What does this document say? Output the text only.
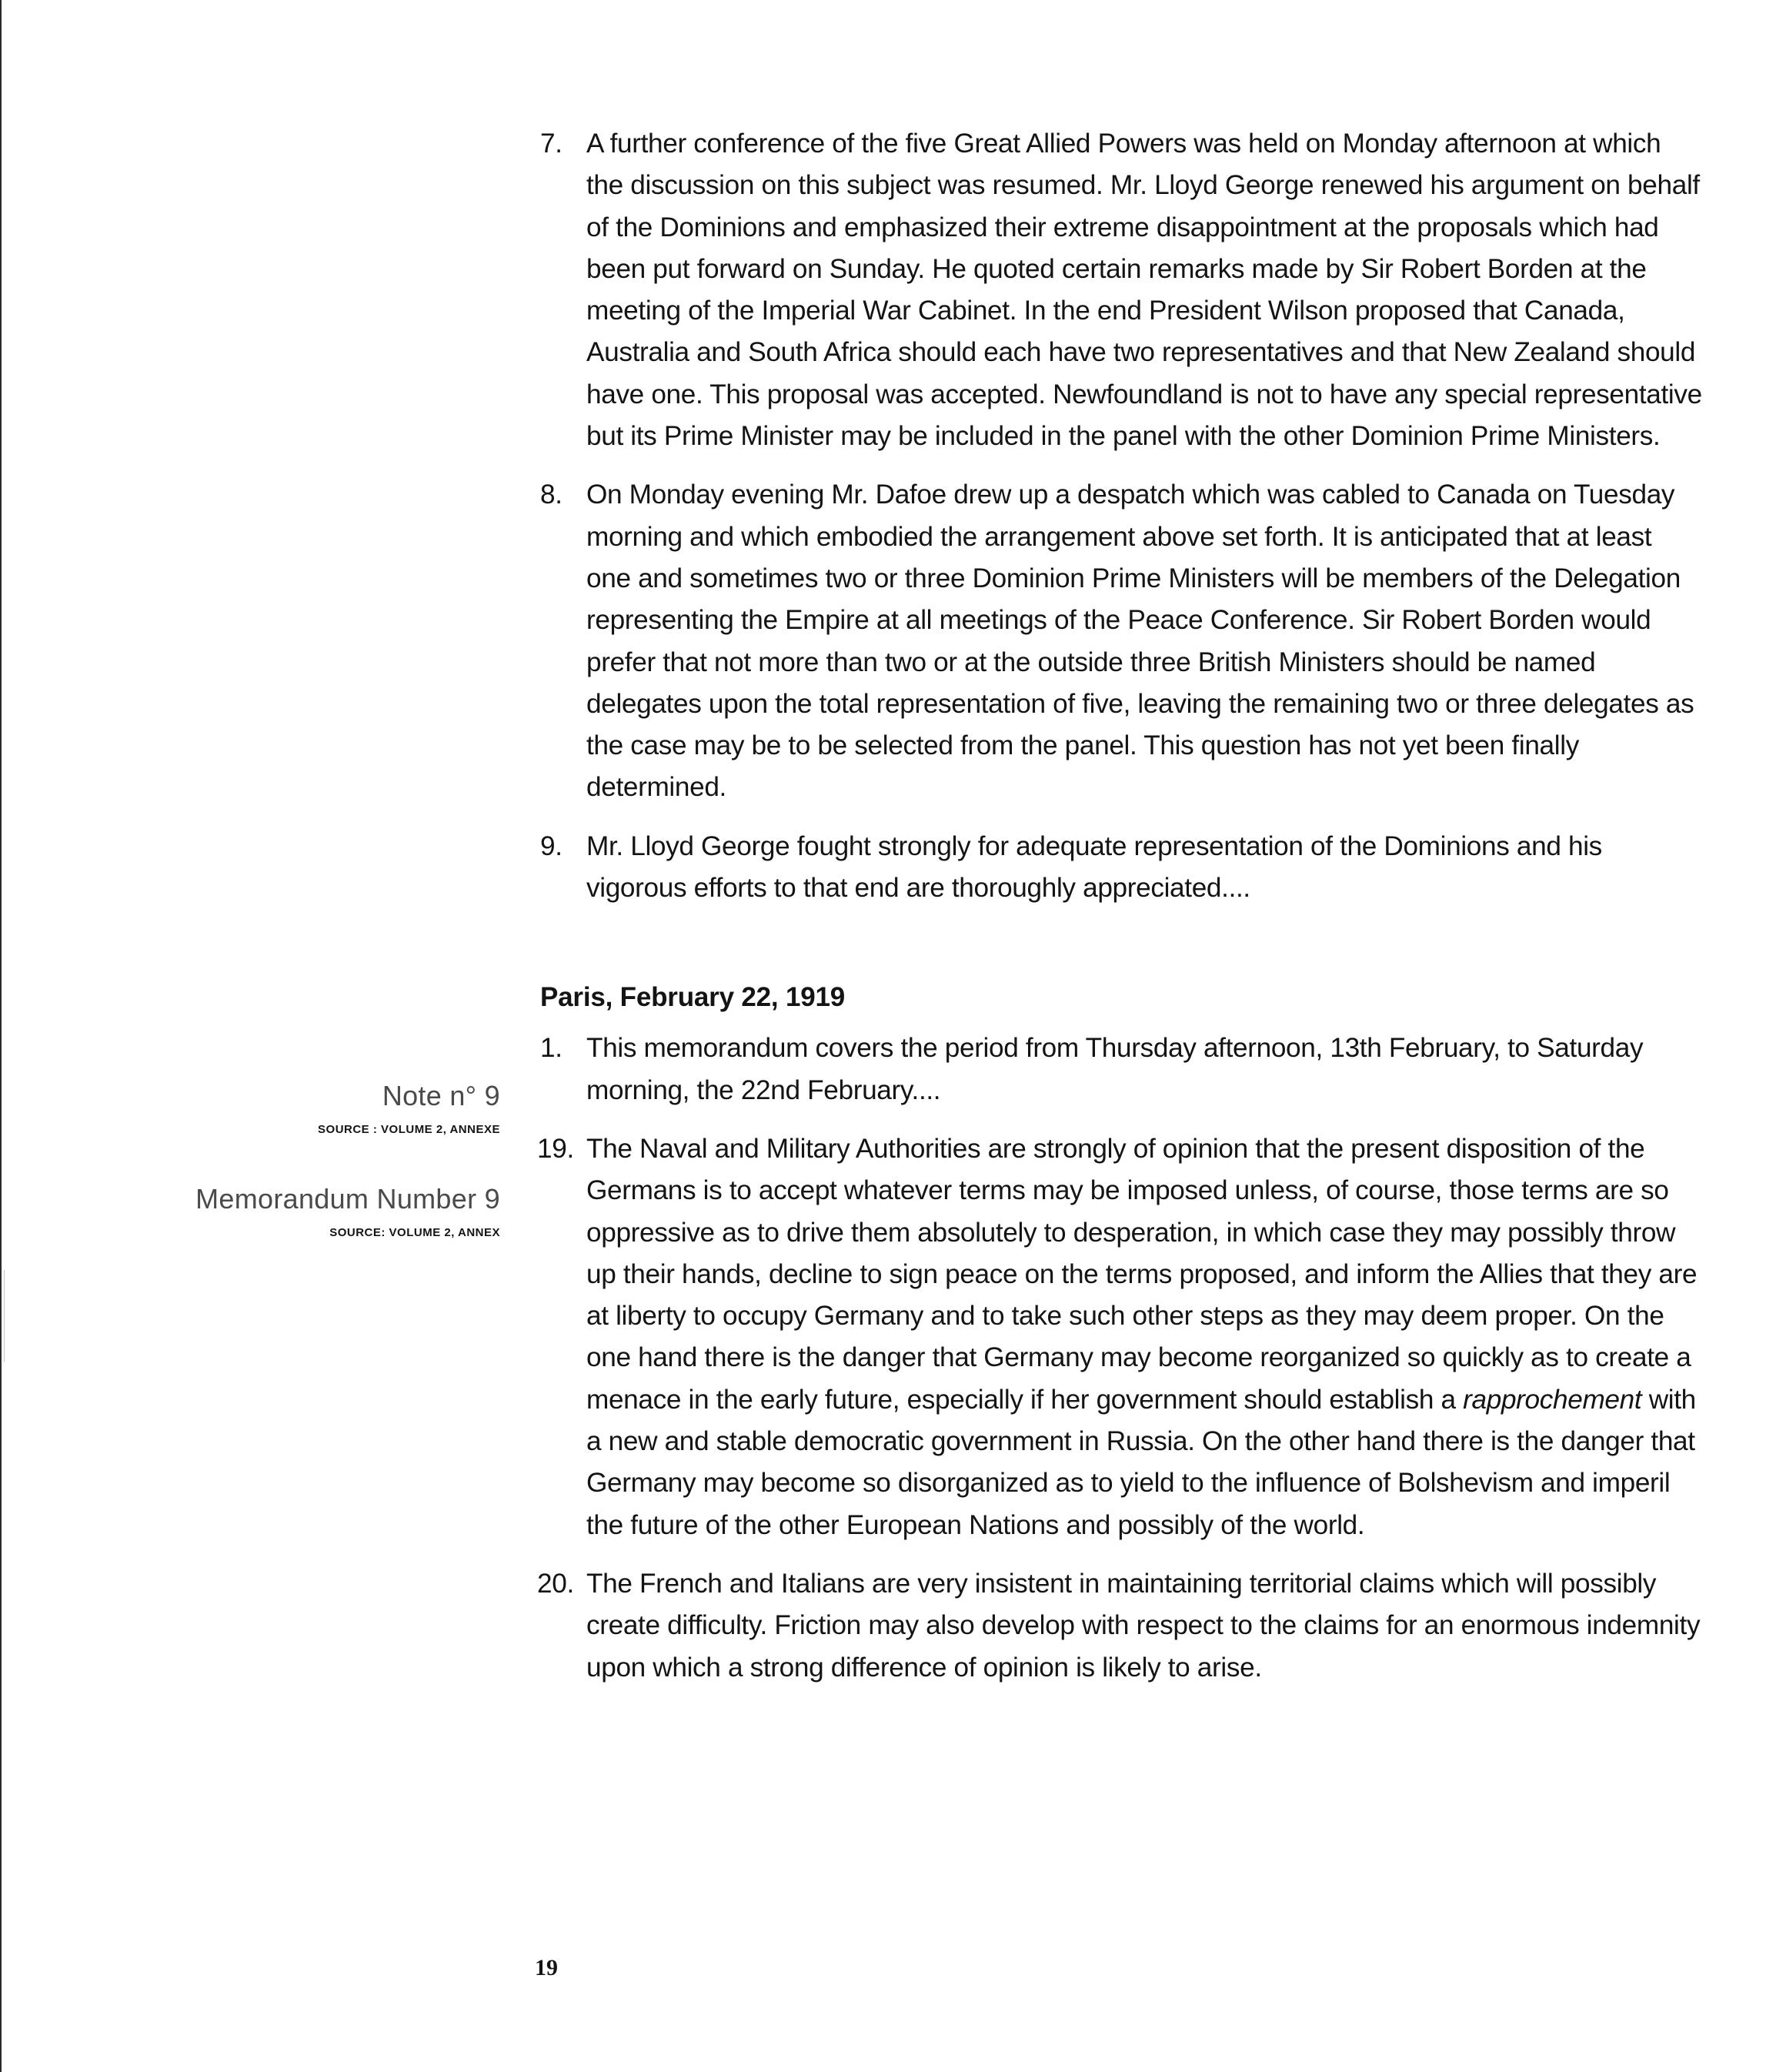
7. A further conference of the five Great Allied Powers was held on Monday afternoon at which the discussion on this subject was resumed. Mr. Lloyd George renewed his argument on behalf of the Dominions and emphasized their extreme disappointment at the proposals which had been put forward on Sunday. He quoted certain remarks made by Sir Robert Borden at the meeting of the Imperial War Cabinet. In the end President Wilson proposed that Canada, Australia and South Africa should each have two representatives and that New Zealand should have one. This proposal was accepted. Newfoundland is not to have any special representative but its Prime Minister may be included in the panel with the other Dominion Prime Ministers.
8. On Monday evening Mr. Dafoe drew up a despatch which was cabled to Canada on Tuesday morning and which embodied the arrangement above set forth. It is anticipated that at least one and sometimes two or three Dominion Prime Ministers will be members of the Delegation representing the Empire at all meetings of the Peace Conference. Sir Robert Borden would prefer that not more than two or at the outside three British Ministers should be named delegates upon the total representation of five, leaving the remaining two or three delegates as the case may be to be selected from the panel. This question has not yet been finally determined.
9. Mr. Lloyd George fought strongly for adequate representation of the Dominions and his vigorous efforts to that end are thoroughly appreciated....
Paris, February 22, 1919
1. This memorandum covers the period from Thursday afternoon, 13th February, to Saturday morning, the 22nd February....
19. The Naval and Military Authorities are strongly of opinion that the present disposition of the Germans is to accept whatever terms may be imposed unless, of course, those terms are so oppressive as to drive them absolutely to desperation, in which case they may possibly throw up their hands, decline to sign peace on the terms proposed, and inform the Allies that they are at liberty to occupy Germany and to take such other steps as they may deem proper. On the one hand there is the danger that Germany may become reorganized so quickly as to create a menace in the early future, especially if her government should establish a rapprochement with a new and stable democratic government in Russia. On the other hand there is the danger that Germany may become so disorganized as to yield to the influence of Bolshevism and imperil the future of the other European Nations and possibly of the world.
20. The French and Italians are very insistent in maintaining territorial claims which will possibly create difficulty. Friction may also develop with respect to the claims for an enormous indemnity upon which a strong difference of opinion is likely to arise.
Note n° 9
SOURCE : VOLUME 2, ANNEXE
Memorandum Number 9
SOURCE: VOLUME 2, ANNEX
19
